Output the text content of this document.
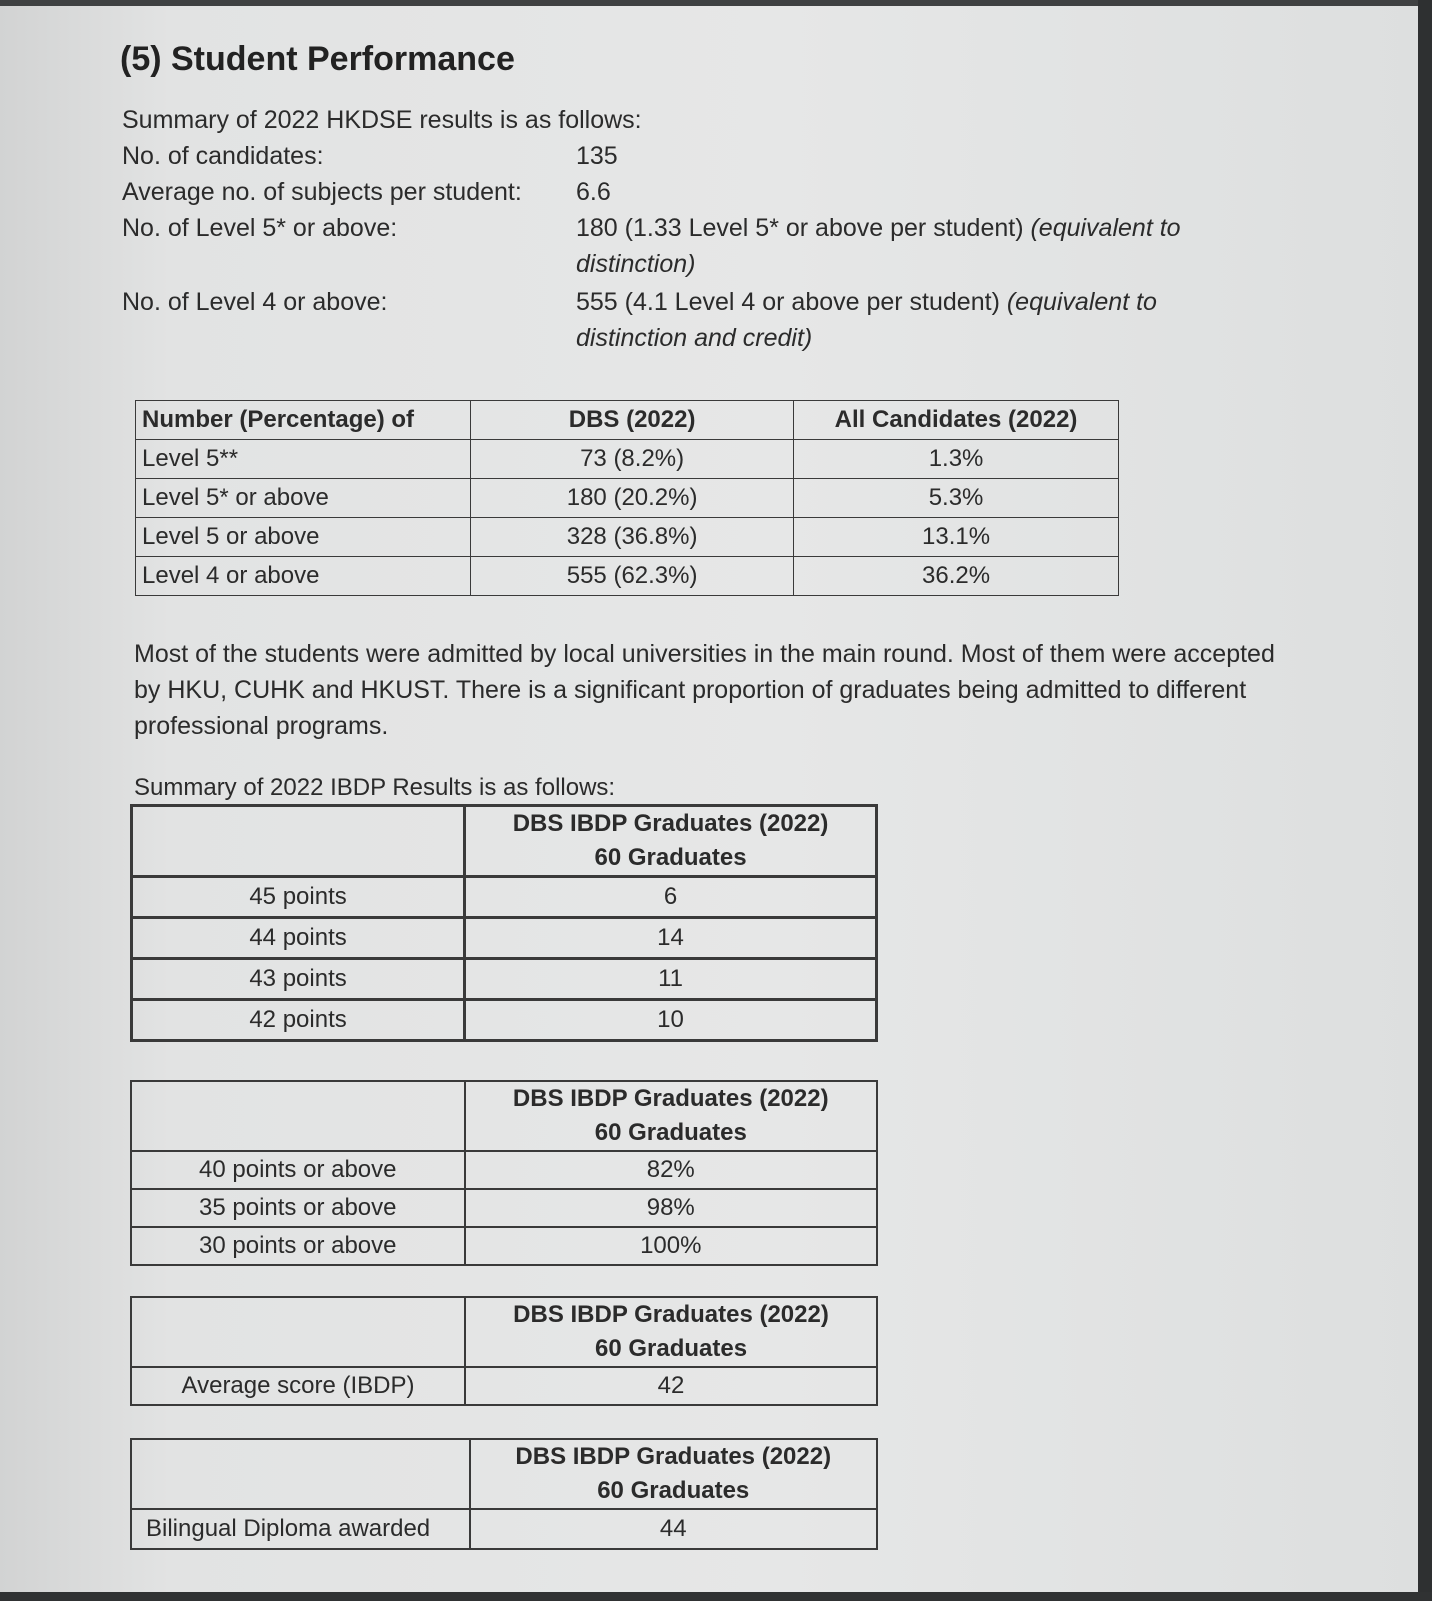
(5) Student Performance
Summary of 2022 HKDSE results is as follows:
No. of candidates:	135
Average no. of subjects per student: 6.6
No. of Level 5* or above:	180 (1.33 Level 5* or above per student) (equivalent to distinction)
No. of Level 4 or above:	555 (4.1 Level 4 or above per student) (equivalent to distinction and credit)
Number (Percentage) of	DBS (2022)	All Candidates (2022)
Level 5**	73 (8.2%)	1.3%
Level 5* or above	180 (20.2%)	5.3%
Level 5 or above	328 (36.8%)	13.1%
Level 4 or above	555 (62.3%)	36.2%
Most of the students were admitted by local universities in the main round. Most of them were accepted by HKU, CUHK and HKUST. There is a significant proportion of graduates being admitted to different professional programs.
Summary of 2022 IBDP Results is as follows:
	DBS IBDP Graduates (2022)
60 Graduates
45 points	6
44 points	14
43 points	11
42 points	10
	DBS IBDP Graduates (2022)
60 Graduates
40 points or above	82%
35 points or above	98%
30 points or above	100%
	DBS IBDP Graduates (2022)
60 Graduates
Average score (IBDP)	42
	DBS IBDP Graduates (2022)
60 Graduates
Bilingual Diploma awarded	44
